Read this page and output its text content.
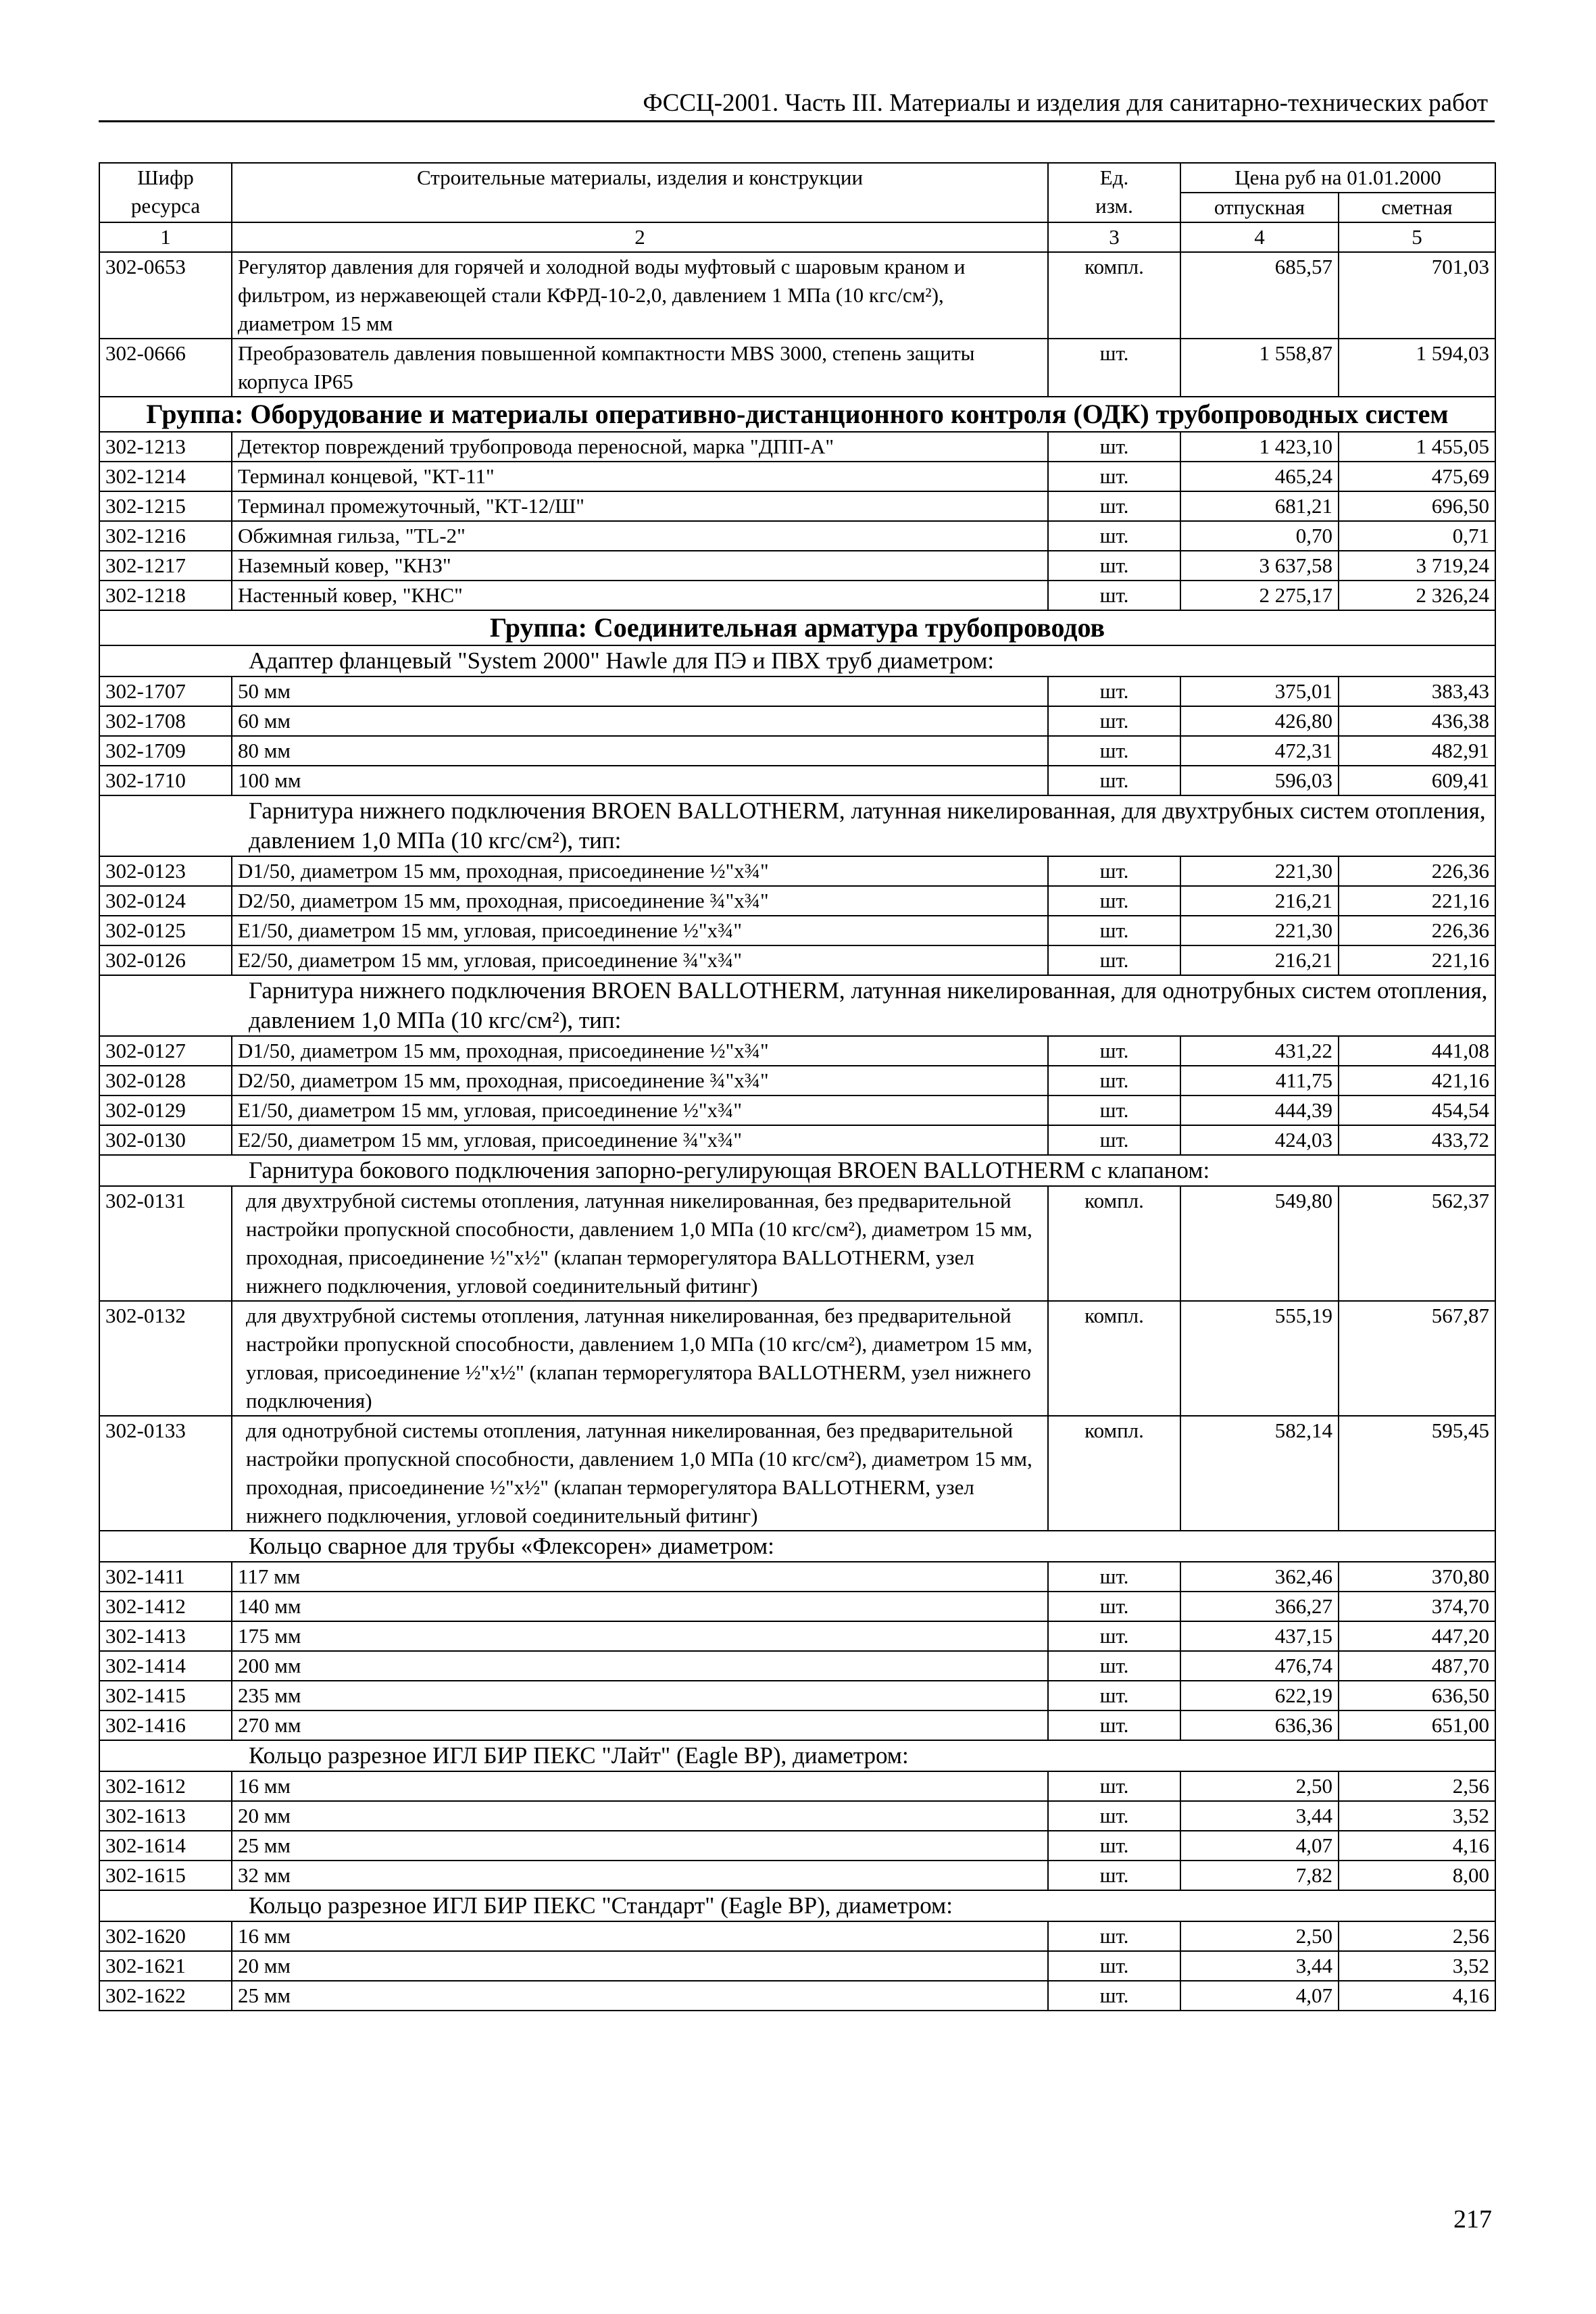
ФССЦ-2001. Часть III. Материалы и изделия для санитарно-технических работ
Шифр
ресурса	Строительные материалы, изделия и конструкции	Ед.
изм.	Цена руб на 01.01.2000	
			отпускная	сметная
1	2	3	4	5
302-0653	Регулятор давления для горячей и холодной воды муфтовый с шаровым краном и фильтром, из нержавеющей стали КФРД-10-2,0, давлением 1 МПа (10 кгс/см²), диаметром 15 мм	компл.	685,57	701,03
302-0666	Преобразователь давления повышенной компактности MBS 3000, степень защиты корпуса IP65	шт.	1 558,87	1 594,03
Группа: Оборудование и материалы оперативно-дистанционного контроля (ОДК) трубопроводных систем				
302-1213	Детектор повреждений трубопровода переносной, марка "ДПП-А"	шт.	1 423,10	1 455,05
302-1214	Терминал концевой, "КТ-11"	шт.	465,24	475,69
302-1215	Терминал промежуточный, "КТ-12/Ш"	шт.	681,21	696,50
302-1216	Обжимная гильза, "TL-2"	шт.	0,70	0,71
302-1217	Наземный ковер, "КНЗ"	шт.	3 637,58	3 719,24
302-1218	Настенный ковер, "КНС"	шт.	2 275,17	2 326,24
Группа: Соединительная арматура трубопроводов				
Адаптер фланцевый "System 2000" Hawle для ПЭ и ПВХ труб диаметром:				
302-1707	50 мм	шт.	375,01	383,43
302-1708	60 мм	шт.	426,80	436,38
302-1709	80 мм	шт.	472,31	482,91
302-1710	100 мм	шт.	596,03	609,41
Гарнитура нижнего подключения BROEN BALLOTHERM, латунная никелированная, для двухтрубных систем отопления, давлением 1,0 МПа (10 кгс/см²), тип:				
302-0123	D1/50, диаметром 15 мм, проходная, присоединение ½"x¾"	шт.	221,30	226,36
302-0124	D2/50, диаметром 15 мм, проходная, присоединение ¾"x¾"	шт.	216,21	221,16
302-0125	E1/50, диаметром 15 мм, угловая, присоединение ½"x¾"	шт.	221,30	226,36
302-0126	E2/50, диаметром 15 мм, угловая, присоединение ¾"x¾"	шт.	216,21	221,16
Гарнитура нижнего подключения BROEN BALLOTHERM, латунная никелированная, для однотрубных систем отопления, давлением 1,0 МПа (10 кгс/см²), тип:				
302-0127	D1/50, диаметром 15 мм, проходная, присоединение ½"x¾"	шт.	431,22	441,08
302-0128	D2/50, диаметром 15 мм, проходная, присоединение ¾"x¾"	шт.	411,75	421,16
302-0129	E1/50, диаметром 15 мм, угловая, присоединение ½"x¾"	шт.	444,39	454,54
302-0130	E2/50, диаметром 15 мм, угловая, присоединение ¾"x¾"	шт.	424,03	433,72
Гарнитура бокового подключения запорно-регулирующая BROEN BALLOTHERM с клапаном:				
302-0131	для двухтрубной системы отопления, латунная никелированная, без предварительной настройки пропускной способности, давлением 1,0 МПа (10 кгс/см²), диаметром 15 мм, проходная, присоединение ½"x½" (клапан терморегулятора BALLOTHERM, узел нижнего подключения, угловой соединительный фитинг)	компл.	549,80	562,37
302-0132	для двухтрубной системы отопления, латунная никелированная, без предварительной настройки пропускной способности, давлением 1,0 МПа (10 кгс/см²), диаметром 15 мм, угловая, присоединение ½"x½" (клапан терморегулятора BALLOTHERM, узел нижнего подключения)	компл.	555,19	567,87
302-0133	для однотрубной системы отопления, латунная никелированная, без предварительной настройки пропускной способности, давлением 1,0 МПа (10 кгс/см²), диаметром 15 мм, проходная, присоединение ½"x½" (клапан терморегулятора BALLOTHERM, узел нижнего подключения, угловой соединительный фитинг)	компл.	582,14	595,45
Кольцо сварное для трубы «Флексорен» диаметром:				
302-1411	117 мм	шт.	362,46	370,80
302-1412	140 мм	шт.	366,27	374,70
302-1413	175 мм	шт.	437,15	447,20
302-1414	200 мм	шт.	476,74	487,70
302-1415	235 мм	шт.	622,19	636,50
302-1416	270 мм	шт.	636,36	651,00
Кольцо разрезное ИГЛ БИР ПЕКС "Лайт" (Eagle BP), диаметром:				
302-1612	16 мм	шт.	2,50	2,56
302-1613	20 мм	шт.	3,44	3,52
302-1614	25 мм	шт.	4,07	4,16
302-1615	32 мм	шт.	7,82	8,00
Кольцо разрезное ИГЛ БИР ПЕКС "Стандарт" (Eagle BP), диаметром:				
302-1620	16 мм	шт.	2,50	2,56
302-1621	20 мм	шт.	3,44	3,52
302-1622	25 мм	шт.	4,07	4,16
217
